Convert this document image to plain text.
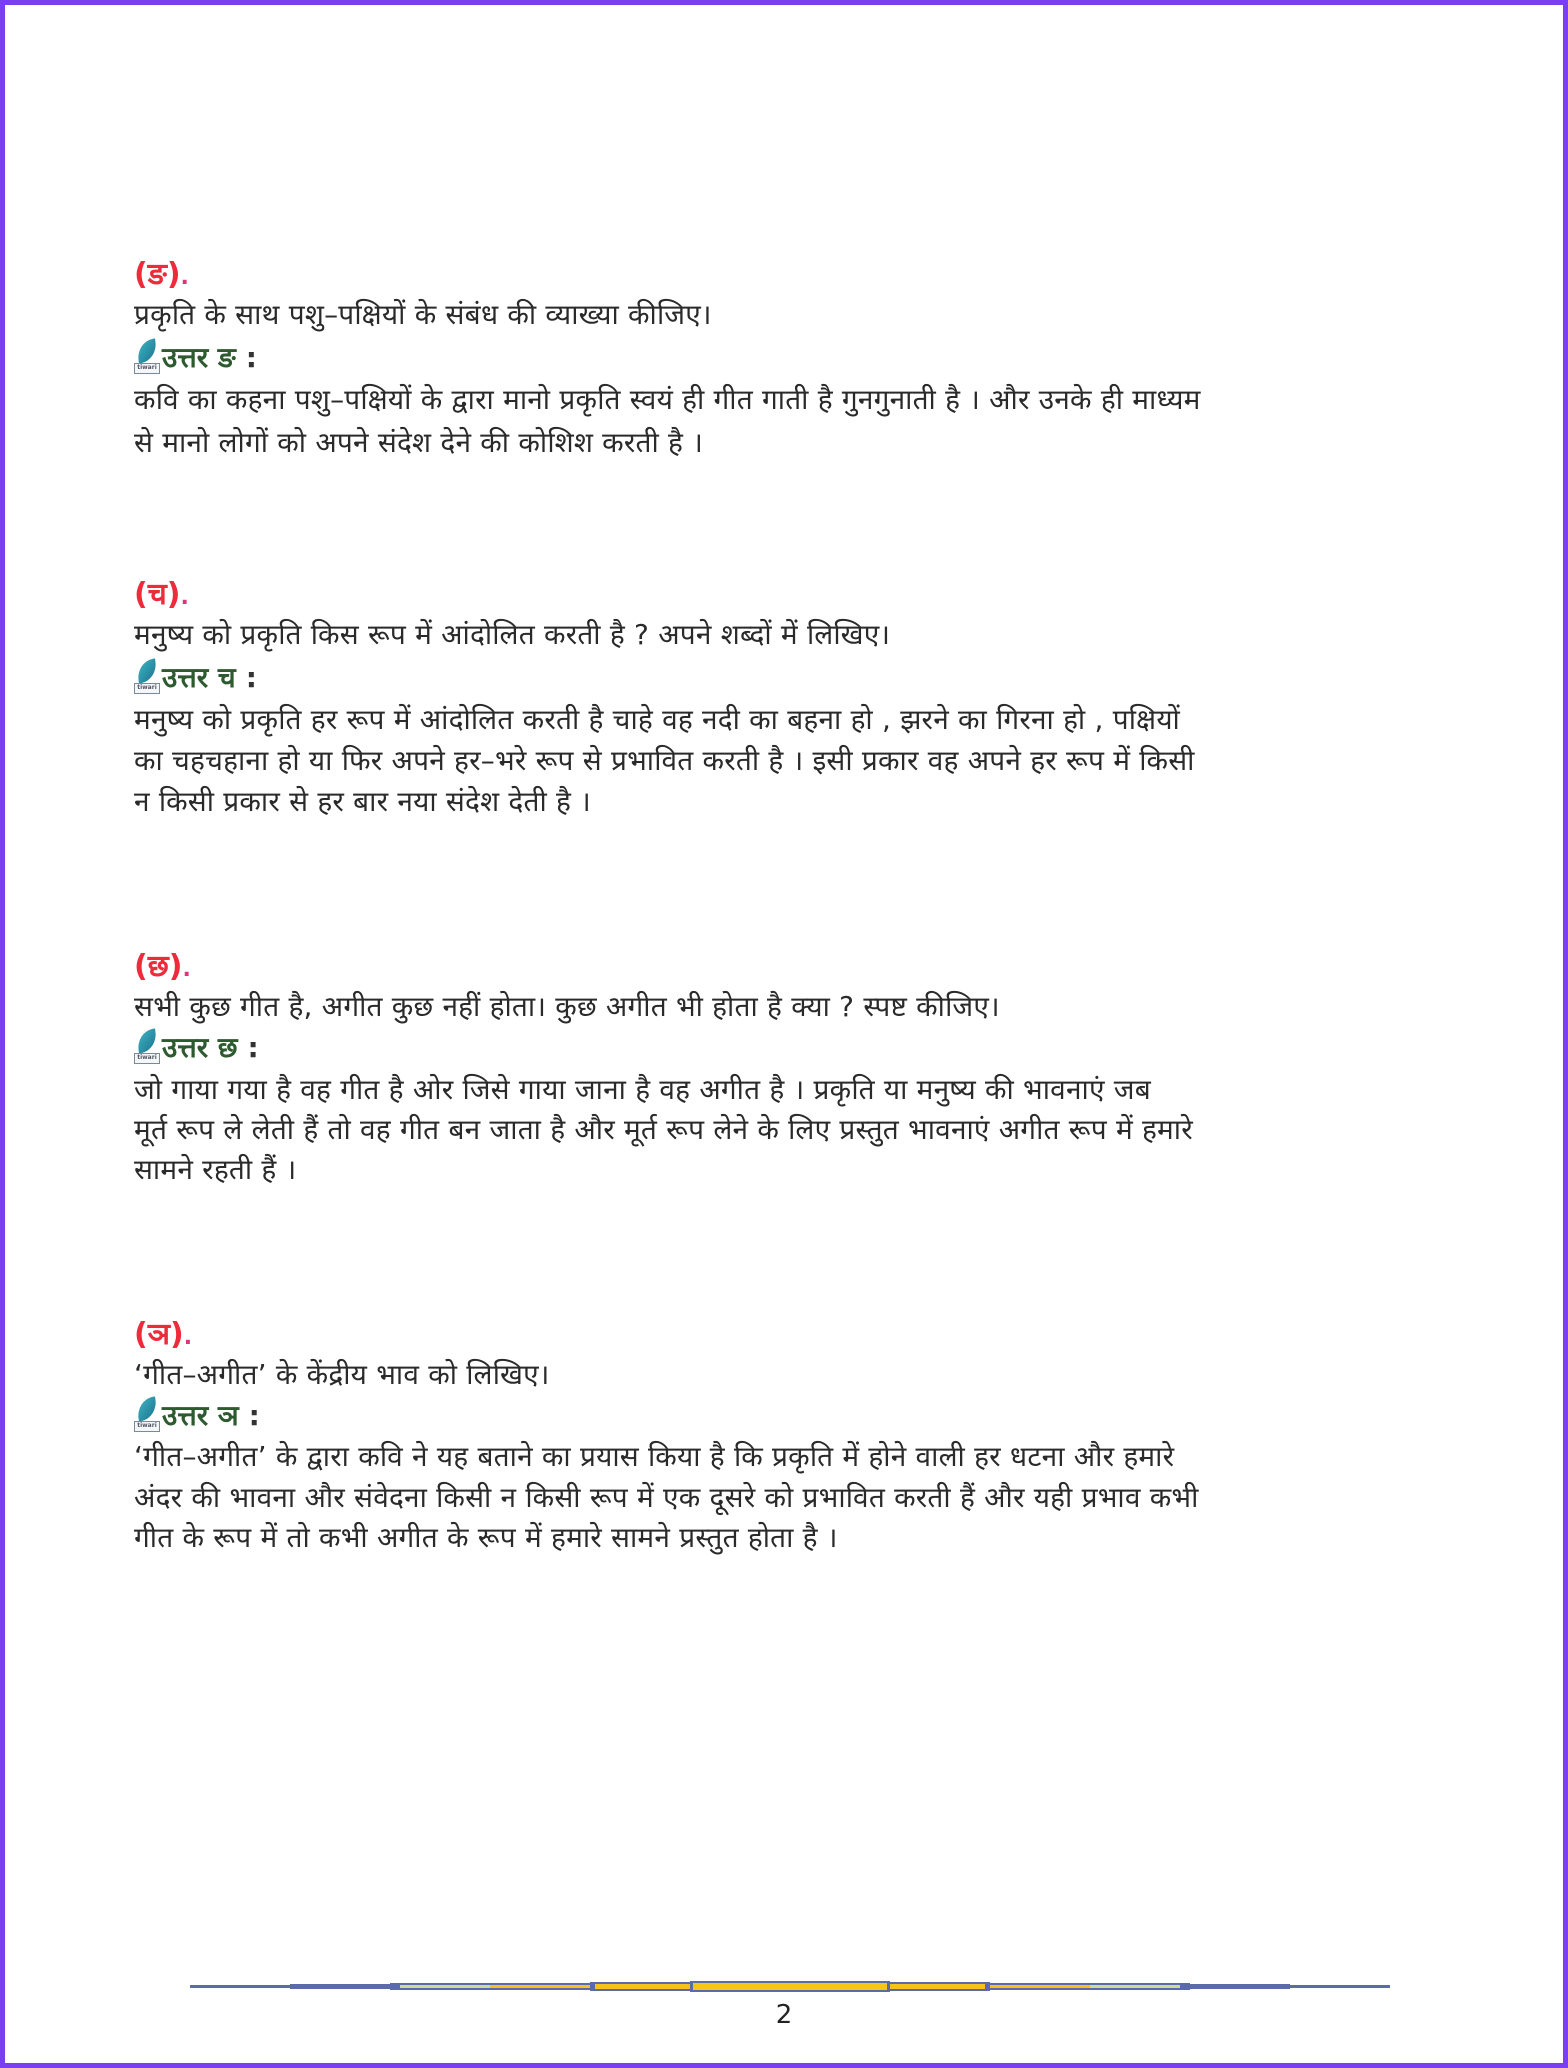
(ङ).
प्रकृति के साथ पशु–पक्षियों के संबंध की व्याख्या कीजिए।
tiwari उत्तर ङ :
कवि का कहना पशु–पक्षियों के द्वारा मानो प्रकृति स्वयं ही गीत गाती है गुनगुनाती है । और उनके ही माध्यम
से मानो लोगों को अपने संदेश देने की कोशिश करती है ।
(च).
मनुष्य को प्रकृति किस रूप में आंदोलित करती है ? अपने शब्दों में लिखिए।
tiwari उत्तर च :
मनुष्य को प्रकृति हर रूप में आंदोलित करती है चाहे वह नदी का बहना हो , झरने का गिरना हो , पक्षियों
का चहचहाना हो या फिर अपने हर–भरे रूप से प्रभावित करती है । इसी प्रकार वह अपने हर रूप में किसी
न किसी प्रकार से हर बार नया संदेश देती है ।
(छ).
सभी कुछ गीत है, अगीत कुछ नहीं होता। कुछ अगीत भी होता है क्या ? स्पष्ट कीजिए।
tiwari उत्तर छ :
जो गाया गया है वह गीत है ओर जिसे गाया जाना है वह अगीत है । प्रकृति या मनुष्य की भावनाएं जब
मूर्त रूप ले लेती हैं तो वह गीत बन जाता है और मूर्त रूप लेने के लिए प्रस्तुत भावनाएं अगीत रूप में हमारे
सामने रहती हैं ।
(ञ).
‘गीत–अगीत’ के केंद्रीय भाव को लिखिए।
tiwari उत्तर ञ :
‘गीत–अगीत’ के द्वारा कवि ने यह बताने का प्रयास किया है कि प्रकृति में होने वाली हर धटना और हमारे
अंदर की भावना और संवेदना किसी न किसी रूप में एक दूसरे को प्रभावित करती हैं और यही प्रभाव कभी
गीत के रूप में तो कभी अगीत के रूप में हमारे सामने प्रस्तुत होता है ।
2
